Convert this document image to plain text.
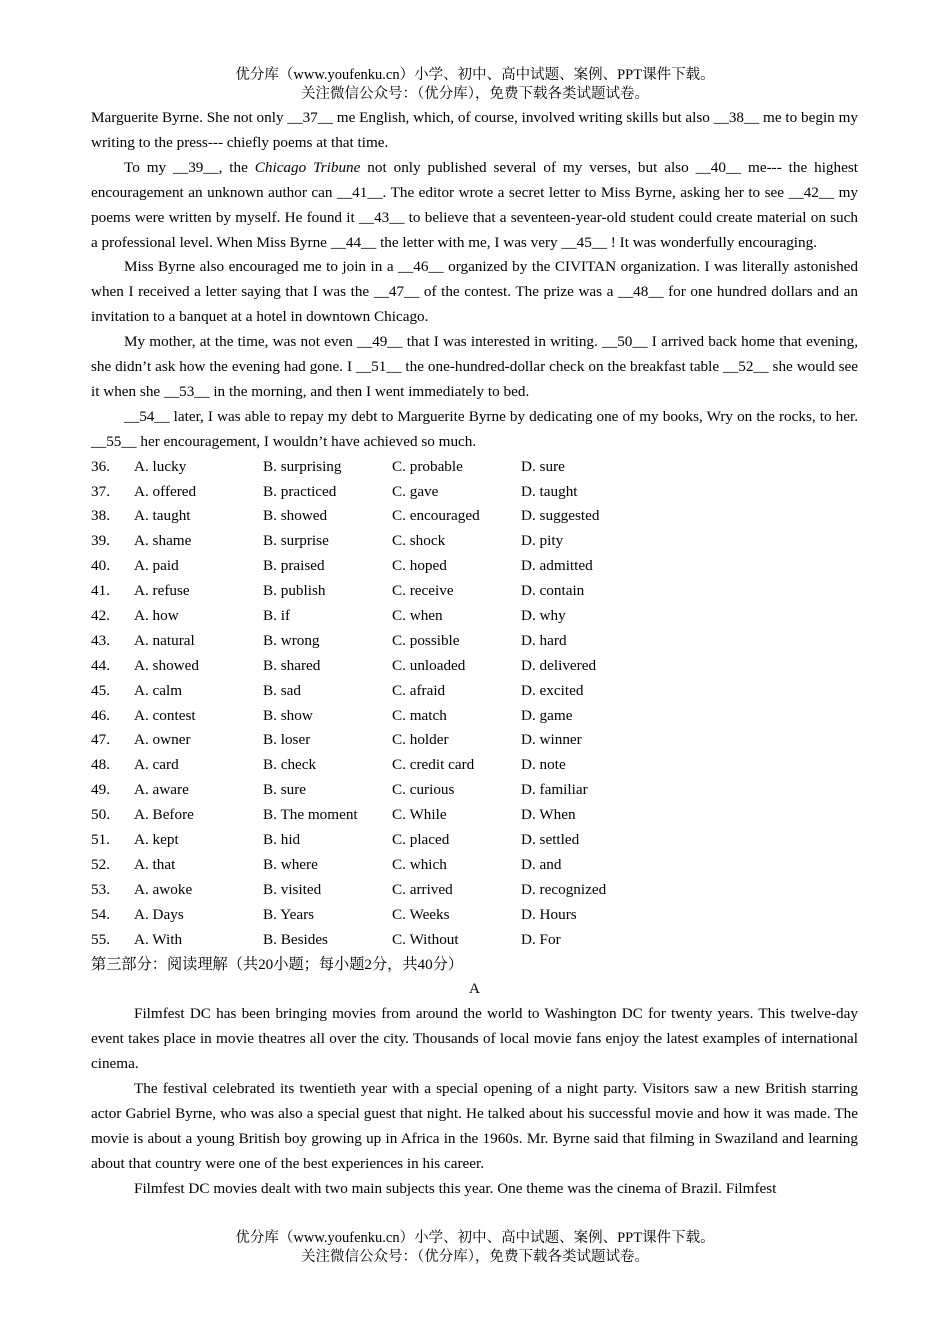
优分库（www.youfenku.cn）小学、初中、高中试题、案例、PPT课件下载。
关注微信公众号：（优分库），免费下载各类试题试卷。

Marguerite Byrne. She not only __37__ me English, which, of course, involved writing skills but also __38__ me to begin my writing to the press--- chiefly poems at that time.

To my __39__, the Chicago Tribune not only published several of my verses, but also __40__ me--- the highest encouragement an unknown author can __41__. The editor wrote a secret letter to Miss Byrne, asking her to see __42__ my poems were written by myself. He found it __43__ to believe that a seventeen-year-old student could create material on such a professional level. When Miss Byrne __44__ the letter with me, I was very __45__ ! It was wonderfully encouraging.

Miss Byrne also encouraged me to join in a __46__ organized by the CIVITAN organization. I was literally astonished when I received a letter saying that I was the __47__ of the contest. The prize was a __48__ for one hundred dollars and an invitation to a banquet at a hotel in downtown Chicago.

My mother, at the time, was not even __49__ that I was interested in writing. __50__ I arrived back home that evening, she didn’t ask how the evening had gone. I __51__ the one-hundred-dollar check on the breakfast table __52__ she would see it when she __53__ in the morning, and then I went immediately to bed.

__54__ later, I was able to repay my debt to Marguerite Byrne by dedicating one of my books, Wry on the rocks, to her. __55__ her encouragement, I wouldn’t have achieved so much.

36.	A. lucky	B. surprising	C. probable	D. sure
37.	A. offered	B. practiced	C. gave	D. taught
38.	A. taught	B. showed	C. encouraged	D. suggested
39.	A. shame	B. surprise	C. shock	D. pity
40.	A. paid	B. praised	C. hoped	D. admitted
41.	A. refuse	B. publish	C. receive	D. contain
42.	A. how	B. if	C. when	D. why
43.	A. natural	B. wrong	C. possible	D. hard
44.	A. showed	B. shared	C. unloaded	D. delivered
45.	A. calm	B. sad	C. afraid	D. excited
46.	A. contest	B. show	C. match	D. game
47.	A. owner	B. loser	C. holder	D. winner
48.	A. card	B. check	C. credit card	D. note
49.	A. aware	B. sure	C. curious	D. familiar
50.	A. Before	B. The moment	C. While	D. When
51.	A. kept	B. hid	C. placed	D. settled
52.	A. that	B. where	C. which	D. and
53.	A. awoke	B. visited	C. arrived	D. recognized
54.	A. Days	B. Years	C. Weeks	D. Hours
55.	A. With	B. Besides	C. Without	D. For

第三部分：阅读理解（共20小题；每小题2分，共40分）

A

Filmfest DC has been bringing movies from around the world to Washington DC for twenty years. This twelve-day event takes place in movie theatres all over the city. Thousands of local movie fans enjoy the latest examples of international cinema.

The festival celebrated its twentieth year with a special opening of a night party. Visitors saw a new British starring actor Gabriel Byrne, who was also a special guest that night. He talked about his successful movie and how it was made. The movie is about a young British boy growing up in Africa in the 1960s. Mr. Byrne said that filming in Swaziland and learning about that country were one of the best experiences in his career.

Filmfest DC movies dealt with two main subjects this year. One theme was the cinema of Brazil. Filmfest

优分库（www.youfenku.cn）小学、初中、高中试题、案例、PPT课件下载。
关注微信公众号：（优分库），免费下载各类试题试卷。
